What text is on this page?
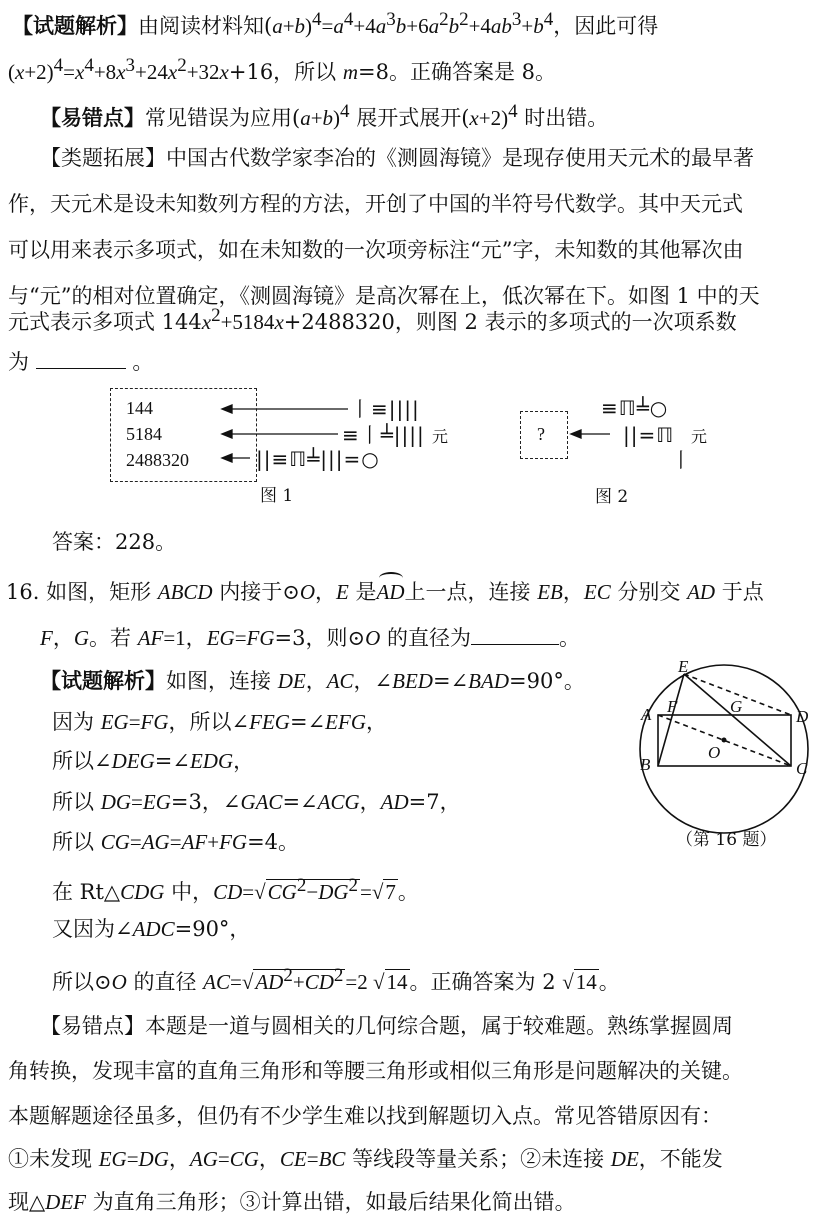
【试题解析】由阅读材料知$(a+b)^4=a^4+4a^3b+6a^2b^2+4ab^3+b^4$，因此可得
$(x+2)^4=x^4+8x^3+24x^2+32x+16$，所以 m=8。正确答案是 8。
【易错点】常见错误为应用$(a+b)^4$ 展开式展开$(x+2)^4$ 时出错。
【类题拓展】中国古代数学家李冶的《测圆海镜》是现存使用天元术的最早著
作，天元术是设未知数列方程的方法，开创了中国的半符号代数学。其中天元式
可以用来表示多项式，如在未知数的一次项旁标注“元”字，未知数的其他幂次由
与“元”的相对位置确定，《测圆海镜》是高次幂在上，低次幂在下。如图 1 中的天
元式表示多项式 $144x^2+5184x+2488320$，则图 2 表示的多项式的一次项系数
为	。
144
5184
2488320
丨≡||||
≡丨╧|||| 元
||≡ℿ╧|||=○
图 1
?
≡ℿ╧○
||=ℿ 元
丨
图 2
答案：228。
16. 如图，矩形 ABCD 内接于⊙O，E 是AD上一点，连接 EB，EC 分别交 AD 于点
F，G。若 AF=1，EG=FG=3，则⊙O 的直径为	。
【试题解析】如图，连接 DE，AC，∠BED=∠BAD=90°。
因为 EG=FG，所以∠FEG=∠EFG，
所以∠DEG=∠EDG，
所以 DG=EG=3，∠GAC=∠ACG，AD=7，
所以 CG=AG=AF+FG=4。
在 Rt△CDG 中，$CD=√CG^2-DG^2=√7$。
又因为∠ADC=90°，
所以⊙O 的直径 $AC=√AD^2+CD^2=2$ √14。正确答案为 2 √14。
E
A F	G
D
O
B	C
（第 16 题）
【易错点】本题是一道与圆相关的几何综合题，属于较难题。熟练掌握圆周
角转换，发现丰富的直角三角形和等腰三角形或相似三角形是问题解决的关键。
本题解题途径虽多，但仍有不少学生难以找到解题切入点。常见答错原因有：
①未发现 EG=DG，AG=CG，CE=BC 等线段等量关系；②未连接 DE，不能发
现△DEF 为直角三角形；③计算出错，如最后结果化简出错。
